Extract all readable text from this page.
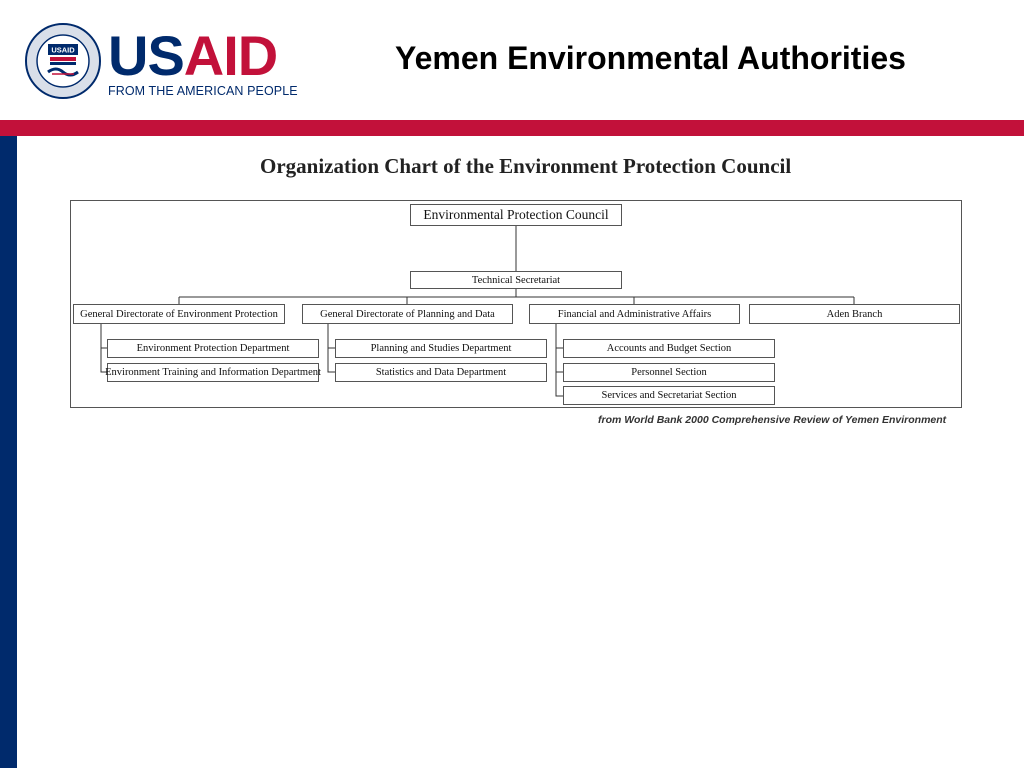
USAID USAID
FROM THE AMERICAN PEOPLE
Yemen Environmental Authorities
Organization Chart of the Environment Protection Council
Environmental Protection Council
Technical Secretariat
General Directorate of Environment Protection	General Directorate of Planning and Data	Financial and Administrative Affairs	Aden Branch
Environment Protection Department
Environment Training and Information Department
Planning and Studies Department
Statistics and Data Department
Accounts and Budget Section
Personnel Section
Services and Secretariat Section
from World Bank 2000 Comprehensive Review of Yemen Environment
